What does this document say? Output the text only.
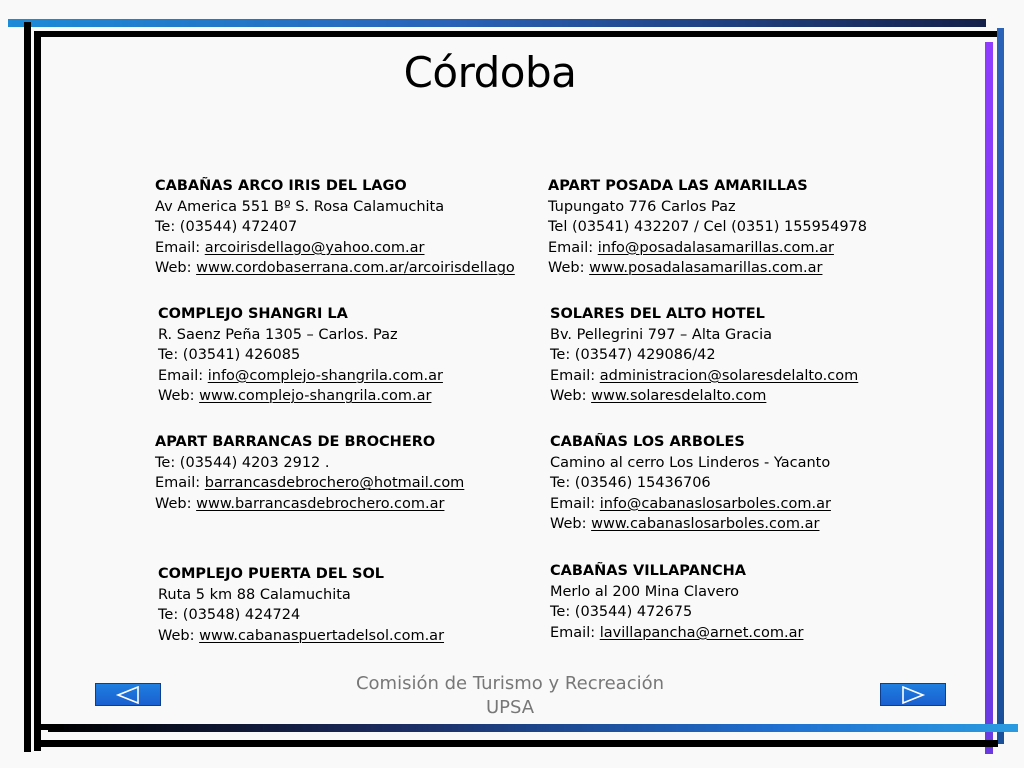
Córdoba
CABAÑAS ARCO IRIS DEL LAGO
Av America 551 Bº S. Rosa Calamuchita
Te: (03544) 472407
Email: arcoirisdellago@yahoo.com.ar
Web: www.cordobaserrana.com.ar/arcoirisdellago
COMPLEJO SHANGRI LA
R. Saenz Peña 1305 – Carlos. Paz
Te: (03541) 426085
Email: info@complejo-shangrila.com.ar
Web: www.complejo-shangrila.com.ar
APART BARRANCAS DE BROCHERO
Te: (03544) 4203 2912 .
Email: barrancasdebrochero@hotmail.com
Web: www.barrancasdebrochero.com.ar
COMPLEJO PUERTA DEL SOL
Ruta 5 km 88 Calamuchita
Te: (03548) 424724
Web: www.cabanaspuertadelsol.com.ar
APART POSADA LAS AMARILLAS
Tupungato 776 Carlos Paz
Tel (03541) 432207 / Cel (0351) 155954978
Email: info@posadalasamarillas.com.ar
Web: www.posadalasamarillas.com.ar
SOLARES DEL ALTO HOTEL
Bv. Pellegrini 797 – Alta Gracia
Te: (03547) 429086/42
Email: administracion@solaresdelalto.com
Web: www.solaresdelalto.com
CABAÑAS LOS ARBOLES
Camino al cerro Los Linderos - Yacanto
Te: (03546) 15436706
Email: info@cabanaslosarboles.com.ar
Web: www.cabanaslosarboles.com.ar
CABAÑAS VILLAPANCHA
Merlo al 200 Mina Clavero
Te: (03544) 472675
Email: lavillapancha@arnet.com.ar
Comisión de Turismo y Recreación
UPSA
